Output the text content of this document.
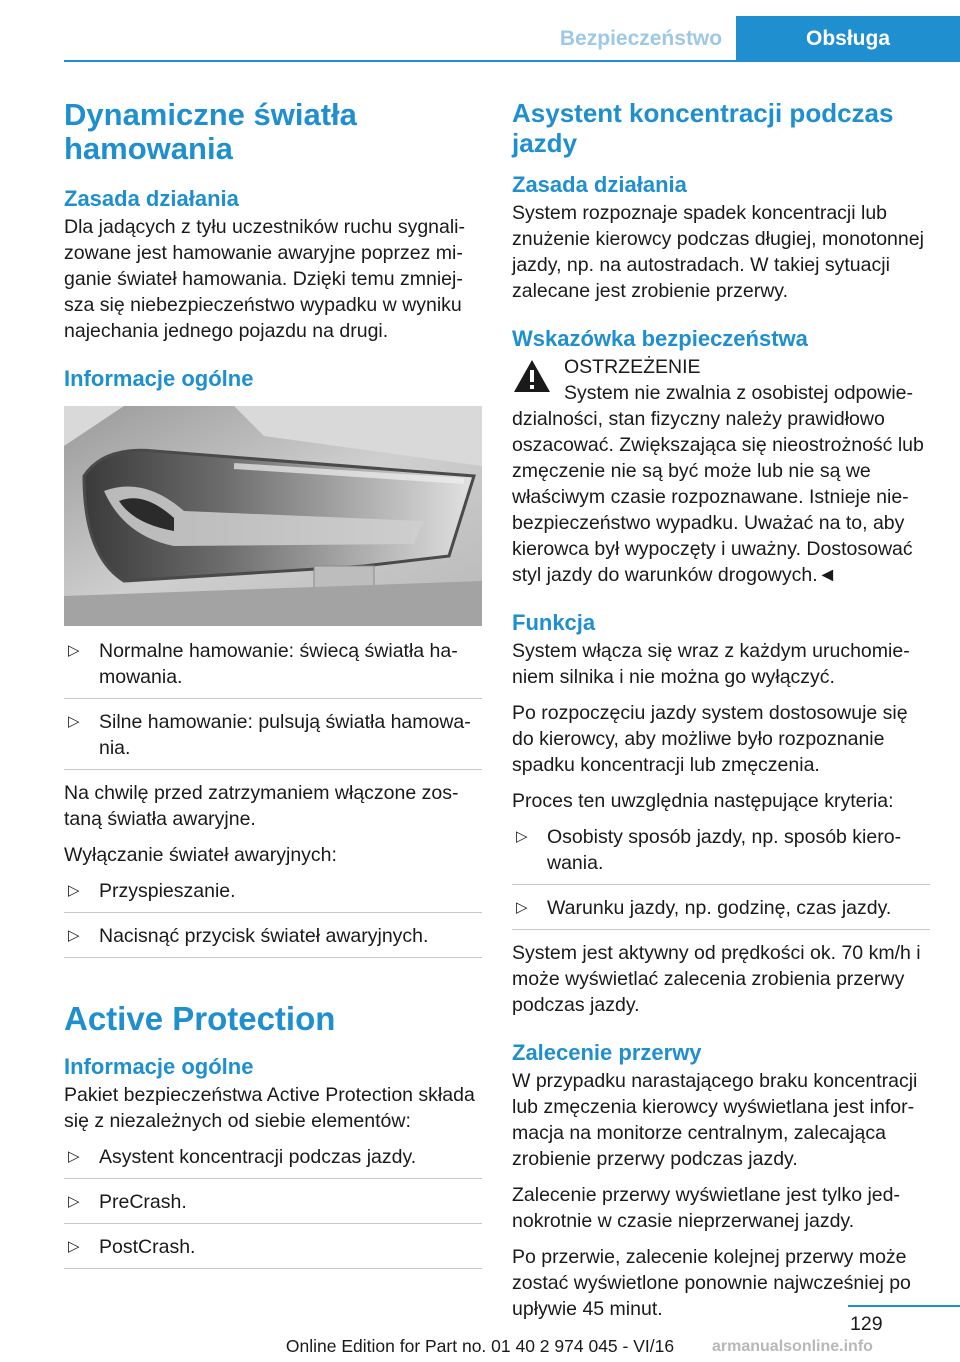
Bezpieczeństwo	Obsługa
Dynamiczne światła hamowania
Zasada działania

Dla jadących z tyłu uczestników ruchu sygnalizowane jest hamowanie awaryjne poprzez miganie świateł hamowania. Dzięki temu zmniejsza się niebezpieczeństwo wypadku w wyniku najechania jednego pojazdu na drugi.

Informacje ogólne
▷ Normalne hamowanie: świecą światła hamowania.
▷ Silne hamowanie: pulsują światła hamowania.

Na chwilę przed zatrzymaniem włączone zostaną światła awaryjne.

Wyłączanie świateł awaryjnych:

▷ Przyspieszanie.
▷ Nacisnąć przycisk świateł awaryjnych.
Active Protection
Informacje ogólne

Pakiet bezpieczeństwa Active Protection składa się z niezależnych od siebie elementów:

▷ Asystent koncentracji podczas jazdy.
▷ PreCrash.
▷ PostCrash.
Asystent koncentracji podczas jazdy
Zasada działania

System rozpoznaje spadek koncentracji lub znużenie kierowcy podczas długiej, monotonnej jazdy, np. na autostradach. W takiej sytuacji zalecane jest zrobienie przerwy.

Wskazówka bezpieczeństwa
OSTRZEŻENIE

System nie zwalnia z osobistej odpowiedzialności, stan fizyczny należy prawidłowo oszacować. Zwiększająca się nieostrożność lub zmęczenie nie są być może lub nie są we właściwym czasie rozpoznawane. Istnieje niebezpieczeństwo wypadku. Uważać na to, aby kierowca był wypoczęty i uważny. Dostosować styl jazdy do warunków drogowych.◄

Funkcja

System włącza się wraz z każdym uruchomieniem silnika i nie można go wyłączyć.

Po rozpoczęciu jazdy system dostosowuje się do kierowcy, aby możliwe było rozpoznanie spadku koncentracji lub zmęczenia.

Proces ten uwzględnia następujące kryteria:

▷ Osobisty sposób jazdy, np. sposób kierowania.
▷ Warunku jazdy, np. godzinę, czas jazdy.

System jest aktywny od prędkości ok. 70 km/h i może wyświetlać zalecenia zrobienia przerwy podczas jazdy.

Zalecenie przerwy

W przypadku narastającego braku koncentracji lub zmęczenia kierowcy wyświetlana jest informacja na monitorze centralnym, zalecająca zrobienie przerwy podczas jazdy.

Zalecenie przerwy wyświetlane jest tylko jednokrotnie w czasie nieprzerwanej jazdy.

Po przerwie, zalecenie kolejnej przerwy może zostać wyświetlone ponownie najwcześniej po upływie 45 minut.

129
Online Edition for Part no. 01 40 2 974 045 - VI/16	armanualsonline.info
